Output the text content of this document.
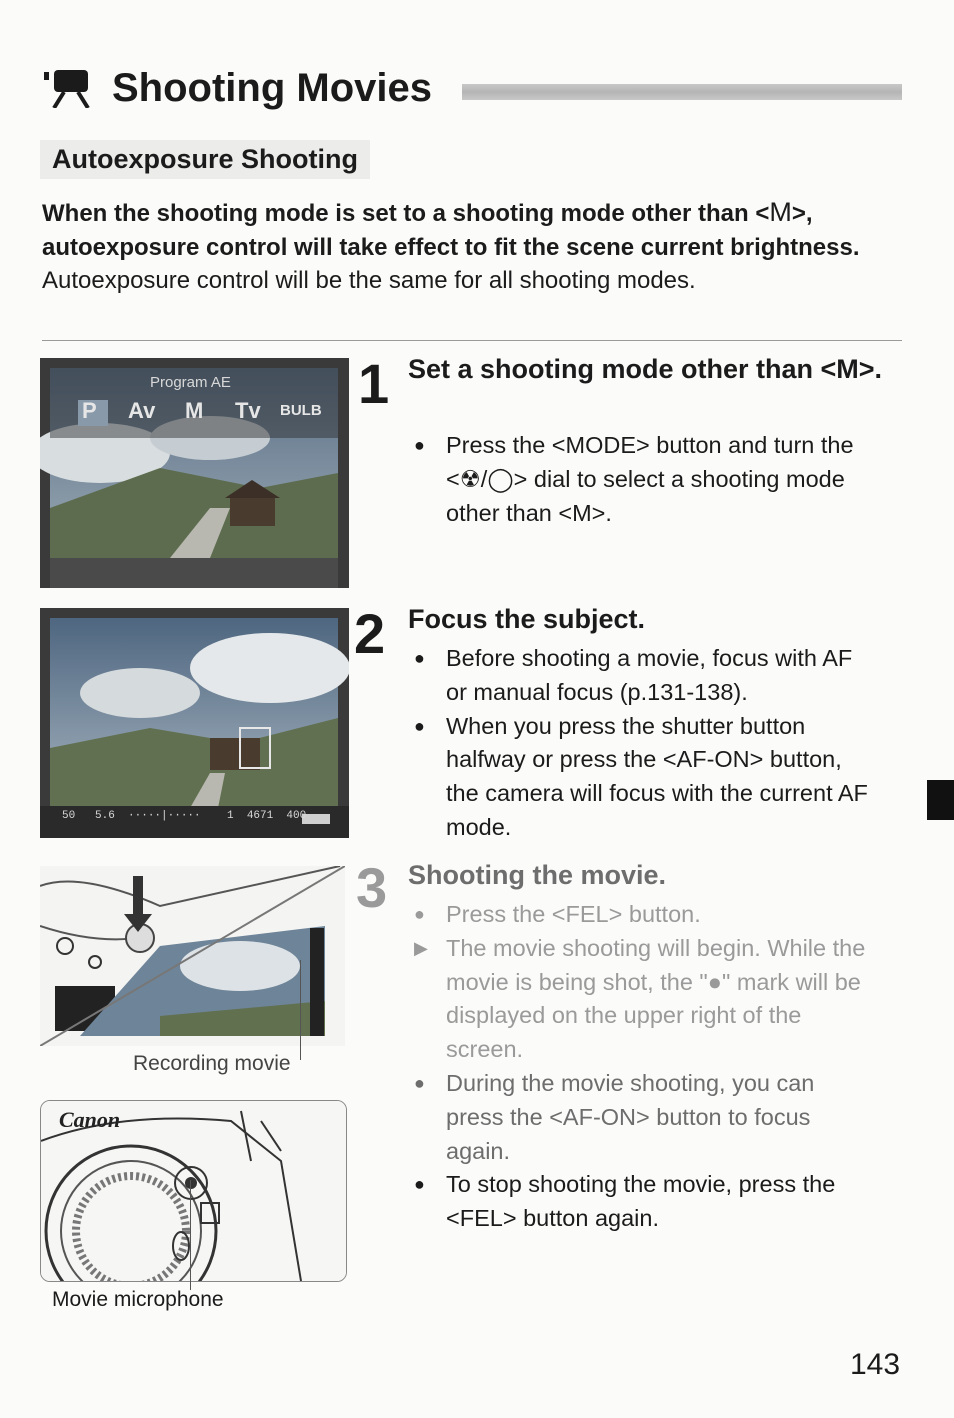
Shooting Movies
Autoexposure Shooting
When the shooting mode is set to a shooting mode other than <M>, autoexposure control will take effect to fit the scene current brightness. Autoexposure control will be the same for all shooting modes.
Program AE
P Av M Tv BULB 1 Set a shooting mode other than <M>.
● Press the <MODE> button and turn the <☢/◯> dial to select a shooting mode other than <M>.
50   5.6  ·····|·····    1  4671  400
2 Focus the subject.
● Before shooting a movie, focus with AF or manual focus (p.131-138).
● When you press the shutter button halfway or press the <AF-ON> button, the camera will focus with the current AF mode.
Recording movie
Canon
Movie microphone
3 Shooting the movie.
● Press the <FEL> button.
▶ The movie shooting will begin. While the movie is being shot, the "●" mark will be displayed on the upper right of the screen.
● During the movie shooting, you can press the <AF-ON> button to focus again.
● To stop shooting the movie, press the <FEL> button again.
143
